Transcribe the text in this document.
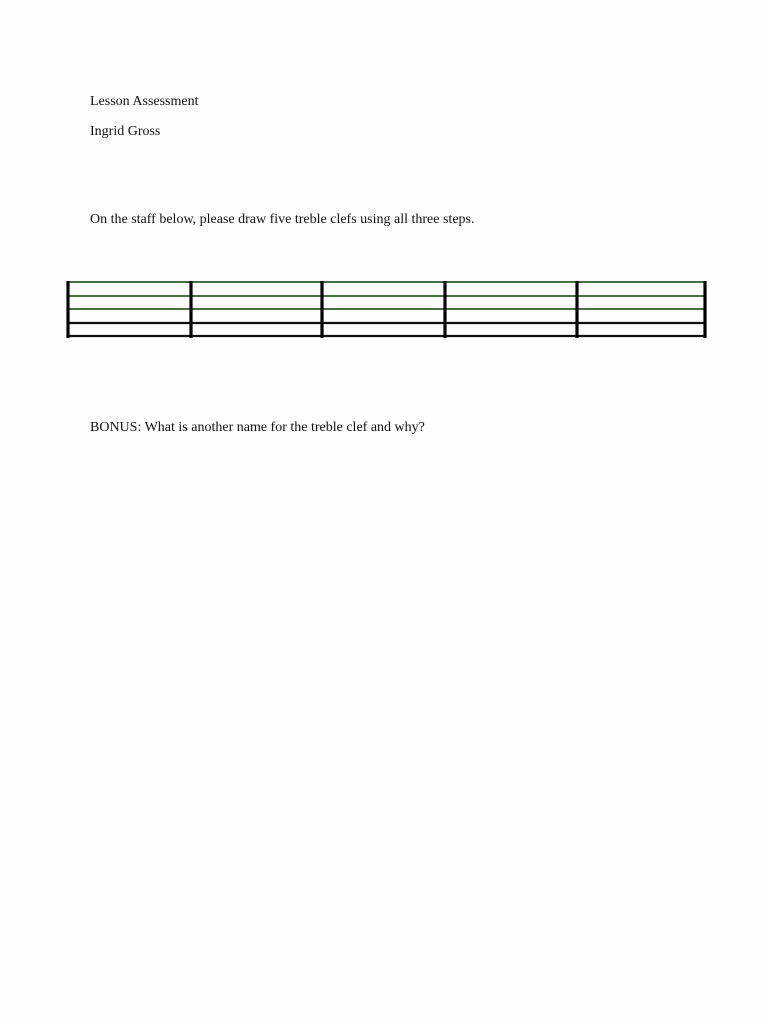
Lesson Assessment
Ingrid Gross
On the staff below, please draw five treble clefs using all three steps.
BONUS: What is another name for the treble clef and why?
